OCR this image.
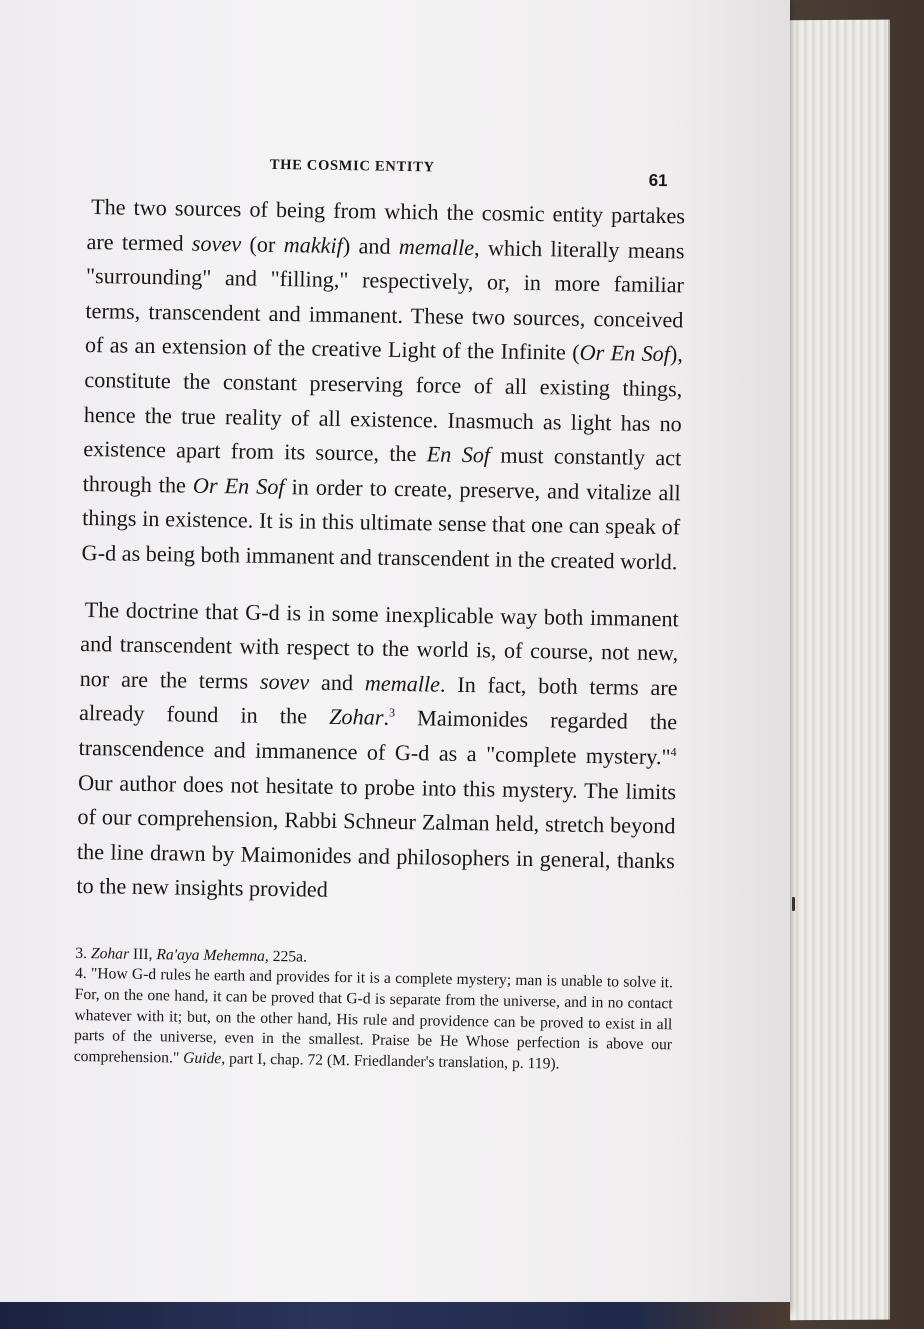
THE COSMIC ENTITY
61

The two sources of being from which the cosmic entity partakes are termed sovev (or makkif) and memalle, which literally means "surrounding" and "filling," respectively, or, in more familiar terms, transcendent and immanent. These two sources, conceived of as an extension of the creative Light of the Infinite (Or En Sof), constitute the constant preserving force of all existing things, hence the true reality of all existence. Inasmuch as light has no existence apart from its source, the En Sof must constantly act through the Or En Sof in order to create, preserve, and vitalize all things in existence. It is in this ultimate sense that one can speak of G-d as being both immanent and transcendent in the created world.

The doctrine that G-d is in some inexplicable way both immanent and transcendent with respect to the world is, of course, not new, nor are the terms sovev and memalle. In fact, both terms are already found in the Zohar.$^3$ Maimonides regarded the transcendence and immanence of G-d as a "complete mystery."$^4$ Our author does not hesitate to probe into this mystery. The limits of our comprehension, Rabbi Schneur Zalman held, stretch beyond the line drawn by Maimonides and philosophers in general, thanks to the new insights provided

3. Zohar III, Ra'aya Mehemna, 225a.

4. "How G-d rules he earth and provides for it is a complete mystery; man is unable to solve it. For, on the one hand, it can be proved that G-d is separate from the universe, and in no contact whatever with it; but, on the other hand, His rule and providence can be proved to exist in all parts of the universe, even in the smallest. Praise be He Whose perfection is above our comprehension." Guide, part I, chap. 72 (M. Friedlander's translation, p. 119).
